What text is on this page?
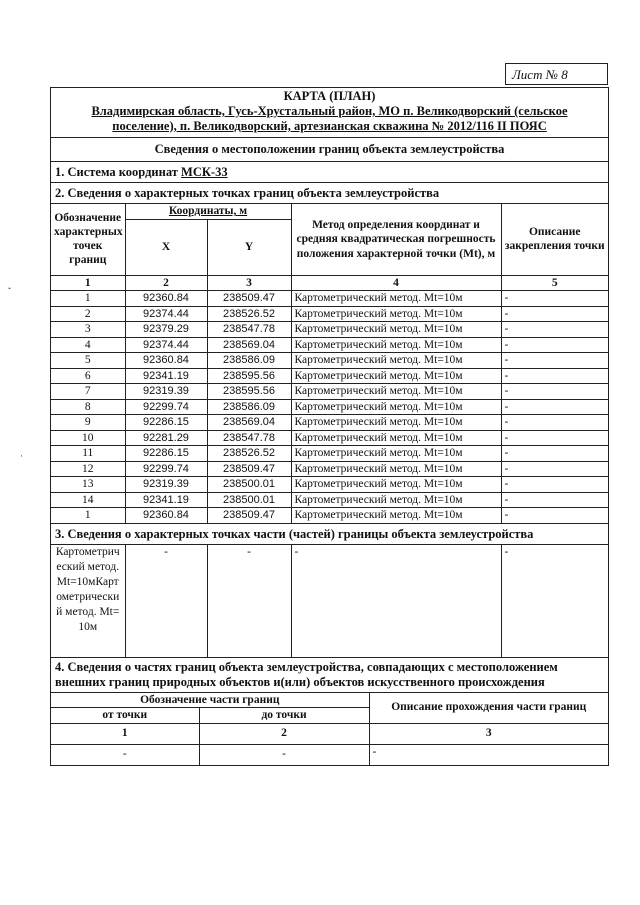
Лист № 8
ˇ
·
КАРТА (ПЛАН)
Владимирская область, Гусь-Хрустальный район, МО п. Великодворский (сельское
поселение), п. Великодворский, артезианская скважина № 2012/116 II ПОЯС
Сведения о местоположении границ объекта землеустройства
1. Система координат МСК-33
2. Сведения о характерных точках границ объекта землеустройства
Обозначение характерных точек границ	Координаты, м		Метод определения координат и средняя квадратическая погрешность положения характерной точки (Mt), м	Описание закрепления точки
	X	Y		
1	2	3	4	5
1	92360.84	238509.47	Картометрический метод. Mt=10м	-
2	92374.44	238526.52	Картометрический метод. Mt=10м	-
3	92379.29	238547.78	Картометрический метод. Mt=10м	-
4	92374.44	238569.04	Картометрический метод. Mt=10м	-
5	92360.84	238586.09	Картометрический метод. Mt=10м	-
6	92341.19	238595.56	Картометрический метод. Mt=10м	-
7	92319.39	238595.56	Картометрический метод. Mt=10м	-
8	92299.74	238586.09	Картометрический метод. Mt=10м	-
9	92286.15	238569.04	Картометрический метод. Mt=10м	-
10	92281.29	238547.78	Картометрический метод. Mt=10м	-
11	92286.15	238526.52	Картометрический метод. Mt=10м	-
12	92299.74	238509.47	Картометрический метод. Mt=10м	-
13	92319.39	238500.01	Картометрический метод. Mt=10м	-
14	92341.19	238500.01	Картометрический метод. Mt=10м	-
1	92360.84	238509.47	Картометрический метод. Mt=10м	-
3. Сведения о характерных точках части (частей) границы объекта землеустройства
Картометрический метод. Mt=10мКартометрический метод. Mt=10м	-	-	-	-
4. Сведения о частях границ объекта землеустройства, совпадающих с местоположением
внешних границ природных объектов и(или) объектов искусственного происхождения
Обозначение части границ		Описание прохождения части границ
от точки	до точки	
1	2	3
-	-	-
